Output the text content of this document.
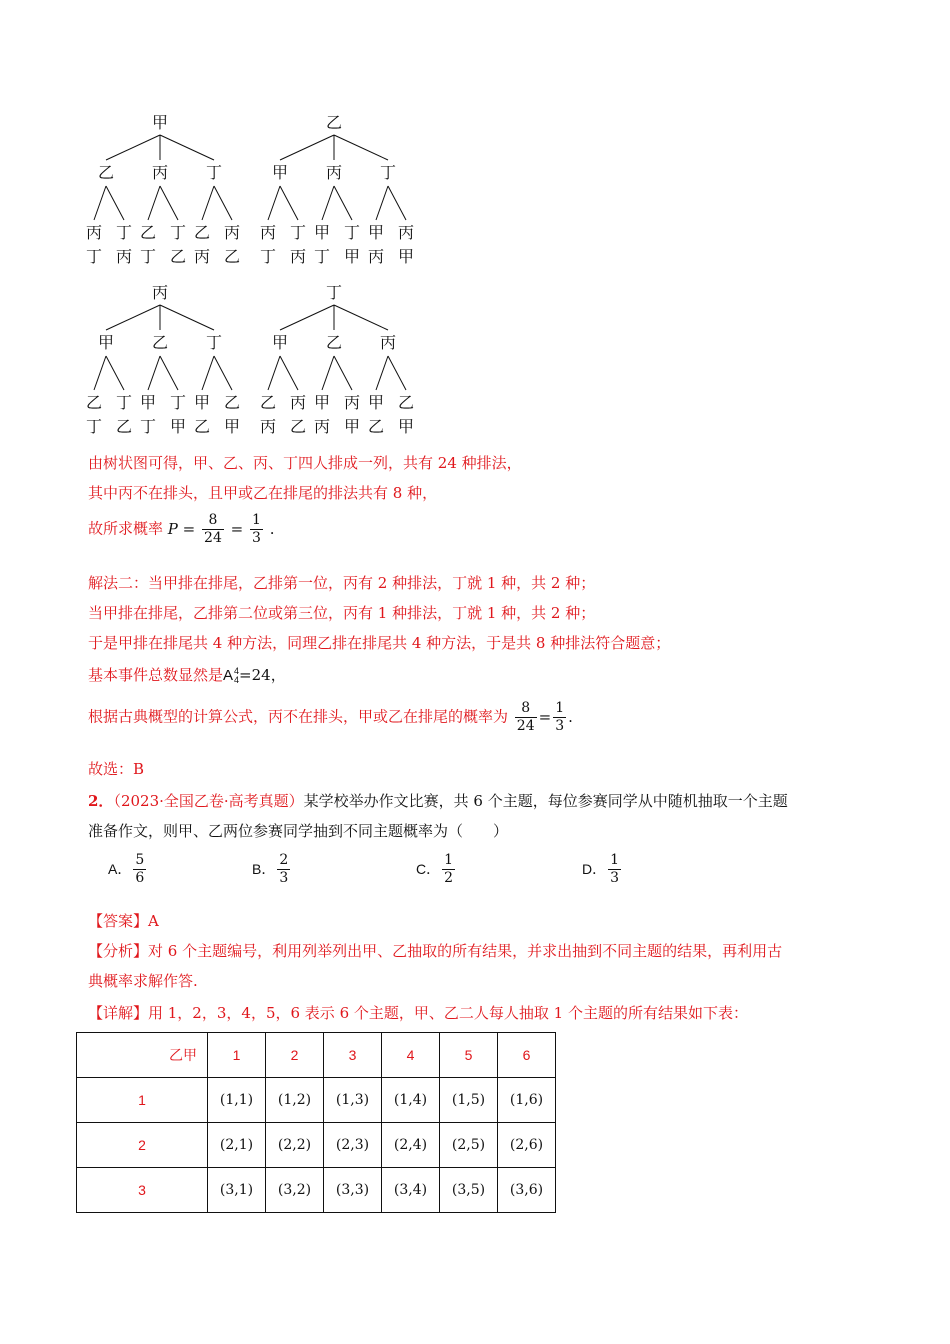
甲
乙
丙
丁
丁
丙
丙
乙
丁
丁
乙
丁
乙
丙
丙
乙
乙
甲
丙
丁
丁
丙
丙
甲
丁
丁
甲
丁
甲
丙
丙
甲
丙
甲
乙
丁
丁
乙
乙
甲
丁
丁
甲
丁
甲
乙
乙
甲
丁
甲
乙
丙
丙
乙
乙
甲
丙
丙
甲
丙
甲
乙
乙
甲
由树状图可得，甲、乙、丙、丁四人排成一列，共有 24 种排法，
其中丙不在排头，且甲或乙在排尾的排法共有 8 种，
故所求概率 $P = \frac{8}{24} = \frac{1}{3}$ .
解法二：当甲排在排尾，乙排第一位，丙有 2 种排法，丁就 1 种，共 2 种；
当甲排在排尾，乙排第二位或第三位，丙有 1 种排法，丁就 1 种，共 2 种；
于是甲排在排尾共 4 种方法，同理乙排在排尾共 4 种方法，于是共 8 种排法符合题意；
基本事件总数显然是A 4
4 =24，
根据古典概型的计算公式，丙不在排头，甲或乙在排尾的概率为 $\frac{8}{24} = \frac{1}{3}$ .
故选：B
2．（2023·全国乙卷·高考真题）某学校举办作文比赛，共 6 个主题，每位参赛同学从中随机抽取一个主题
准备作文，则甲、乙两位参赛同学抽到不同主题概率为（　　）
A． $\frac{5}{6}$	B． $\frac{2}{3}$	C． $\frac{1}{2}$	D． $\frac{1}{3}$
【答案】A
【分析】对 6 个主题编号，利用列举列出甲、乙抽取的所有结果，并求出抽到不同主题的结果，再利用古
典概率求解作答.
【详解】用 1，2，3，4，5，6 表示 6 个主题，甲、乙二人每人抽取 1 个主题的所有结果如下表：
乙甲	1	2	3	4	5	6
1	(1,1)	(1,2)	(1,3)	(1,4)	(1,5)	(1,6)
2	(2,1)	(2,2)	(2,3)	(2,4)	(2,5)	(2,6)
3	(3,1)	(3,2)	(3,3)	(3,4)	(3,5)	(3,6)
